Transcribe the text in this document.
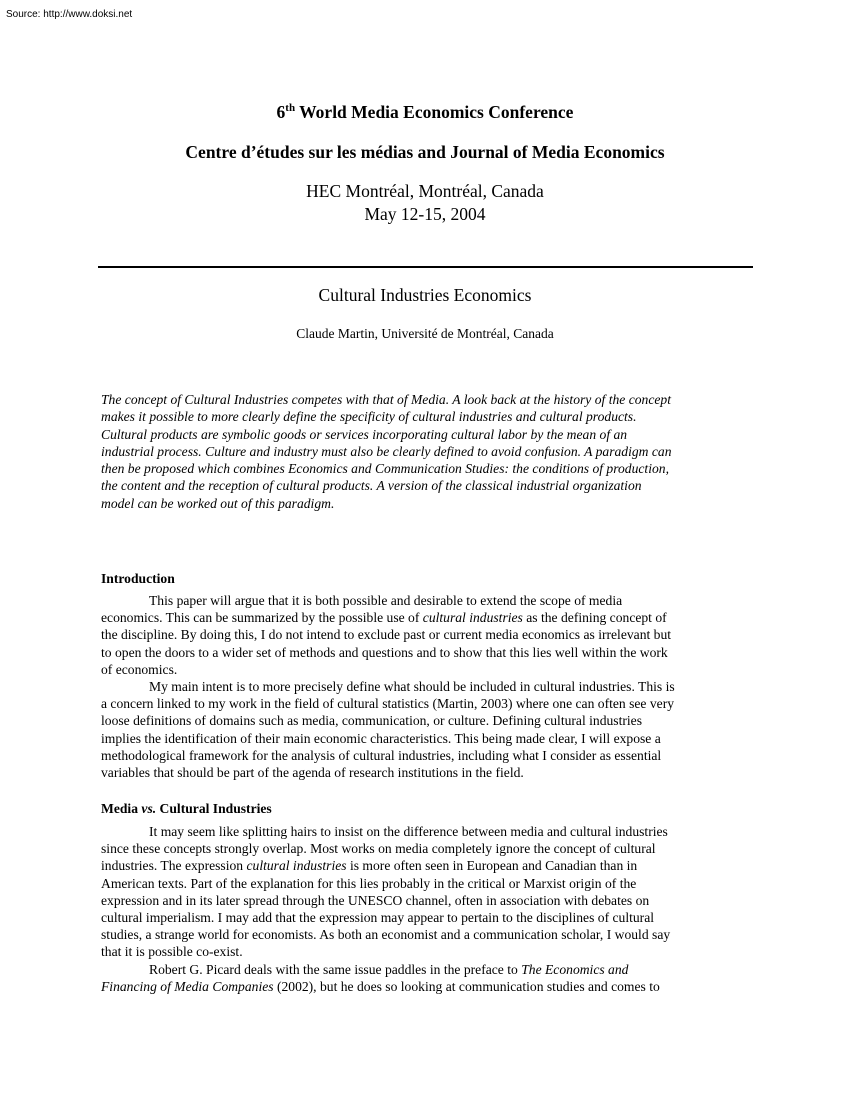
Source: http://www.doksi.net
6th World Media Economics Conference
Centre d’études sur les médias and Journal of Media Economics
HEC Montréal, Montréal, Canada
May 12-15, 2004
Cultural Industries Economics
Claude Martin, Université de Montréal, Canada
The concept of Cultural Industries competes with that of Media. A look back at the history of the concept
makes it possible to more clearly define the specificity of cultural industries and cultural products.
Cultural products are symbolic goods or services incorporating cultural labor by the mean of an
industrial process. Culture and industry must also be clearly defined to avoid confusion. A paradigm can
then be proposed which combines Economics and Communication Studies: the conditions of production,
the content and the reception of cultural products. A version of the classical industrial organization
model can be worked out of this paradigm.
Introduction
This paper will argue that it is both possible and desirable to extend the scope of media
economics. This can be summarized by the possible use of cultural industries as the defining concept of
the discipline. By doing this, I do not intend to exclude past or current media economics as irrelevant but
to open the doors to a wider set of methods and questions and to show that this lies well within the work
of economics.
My main intent is to more precisely define what should be included in cultural industries. This is
a concern linked to my work in the field of cultural statistics (Martin, 2003) where one can often see very
loose definitions of domains such as media, communication, or culture. Defining cultural industries
implies the identification of their main economic characteristics. This being made clear, I will expose a
methodological framework for the analysis of cultural industries, including what I consider as essential
variables that should be part of the agenda of research institutions in the field.
Media vs. Cultural Industries
It may seem like splitting hairs to insist on the difference between media and cultural industries
since these concepts strongly overlap. Most works on media completely ignore the concept of cultural
industries. The expression cultural industries is more often seen in European and Canadian than in
American texts. Part of the explanation for this lies probably in the critical or Marxist origin of the
expression and in its later spread through the UNESCO channel, often in association with debates on
cultural imperialism. I may add that the expression may appear to pertain to the disciplines of cultural
studies, a strange world for economists. As both an economist and a communication scholar, I would say
that it is possible co-exist.
Robert G. Picard deals with the same issue paddles in the preface to The Economics and
Financing of Media Companies (2002), but he does so looking at communication studies and comes to
